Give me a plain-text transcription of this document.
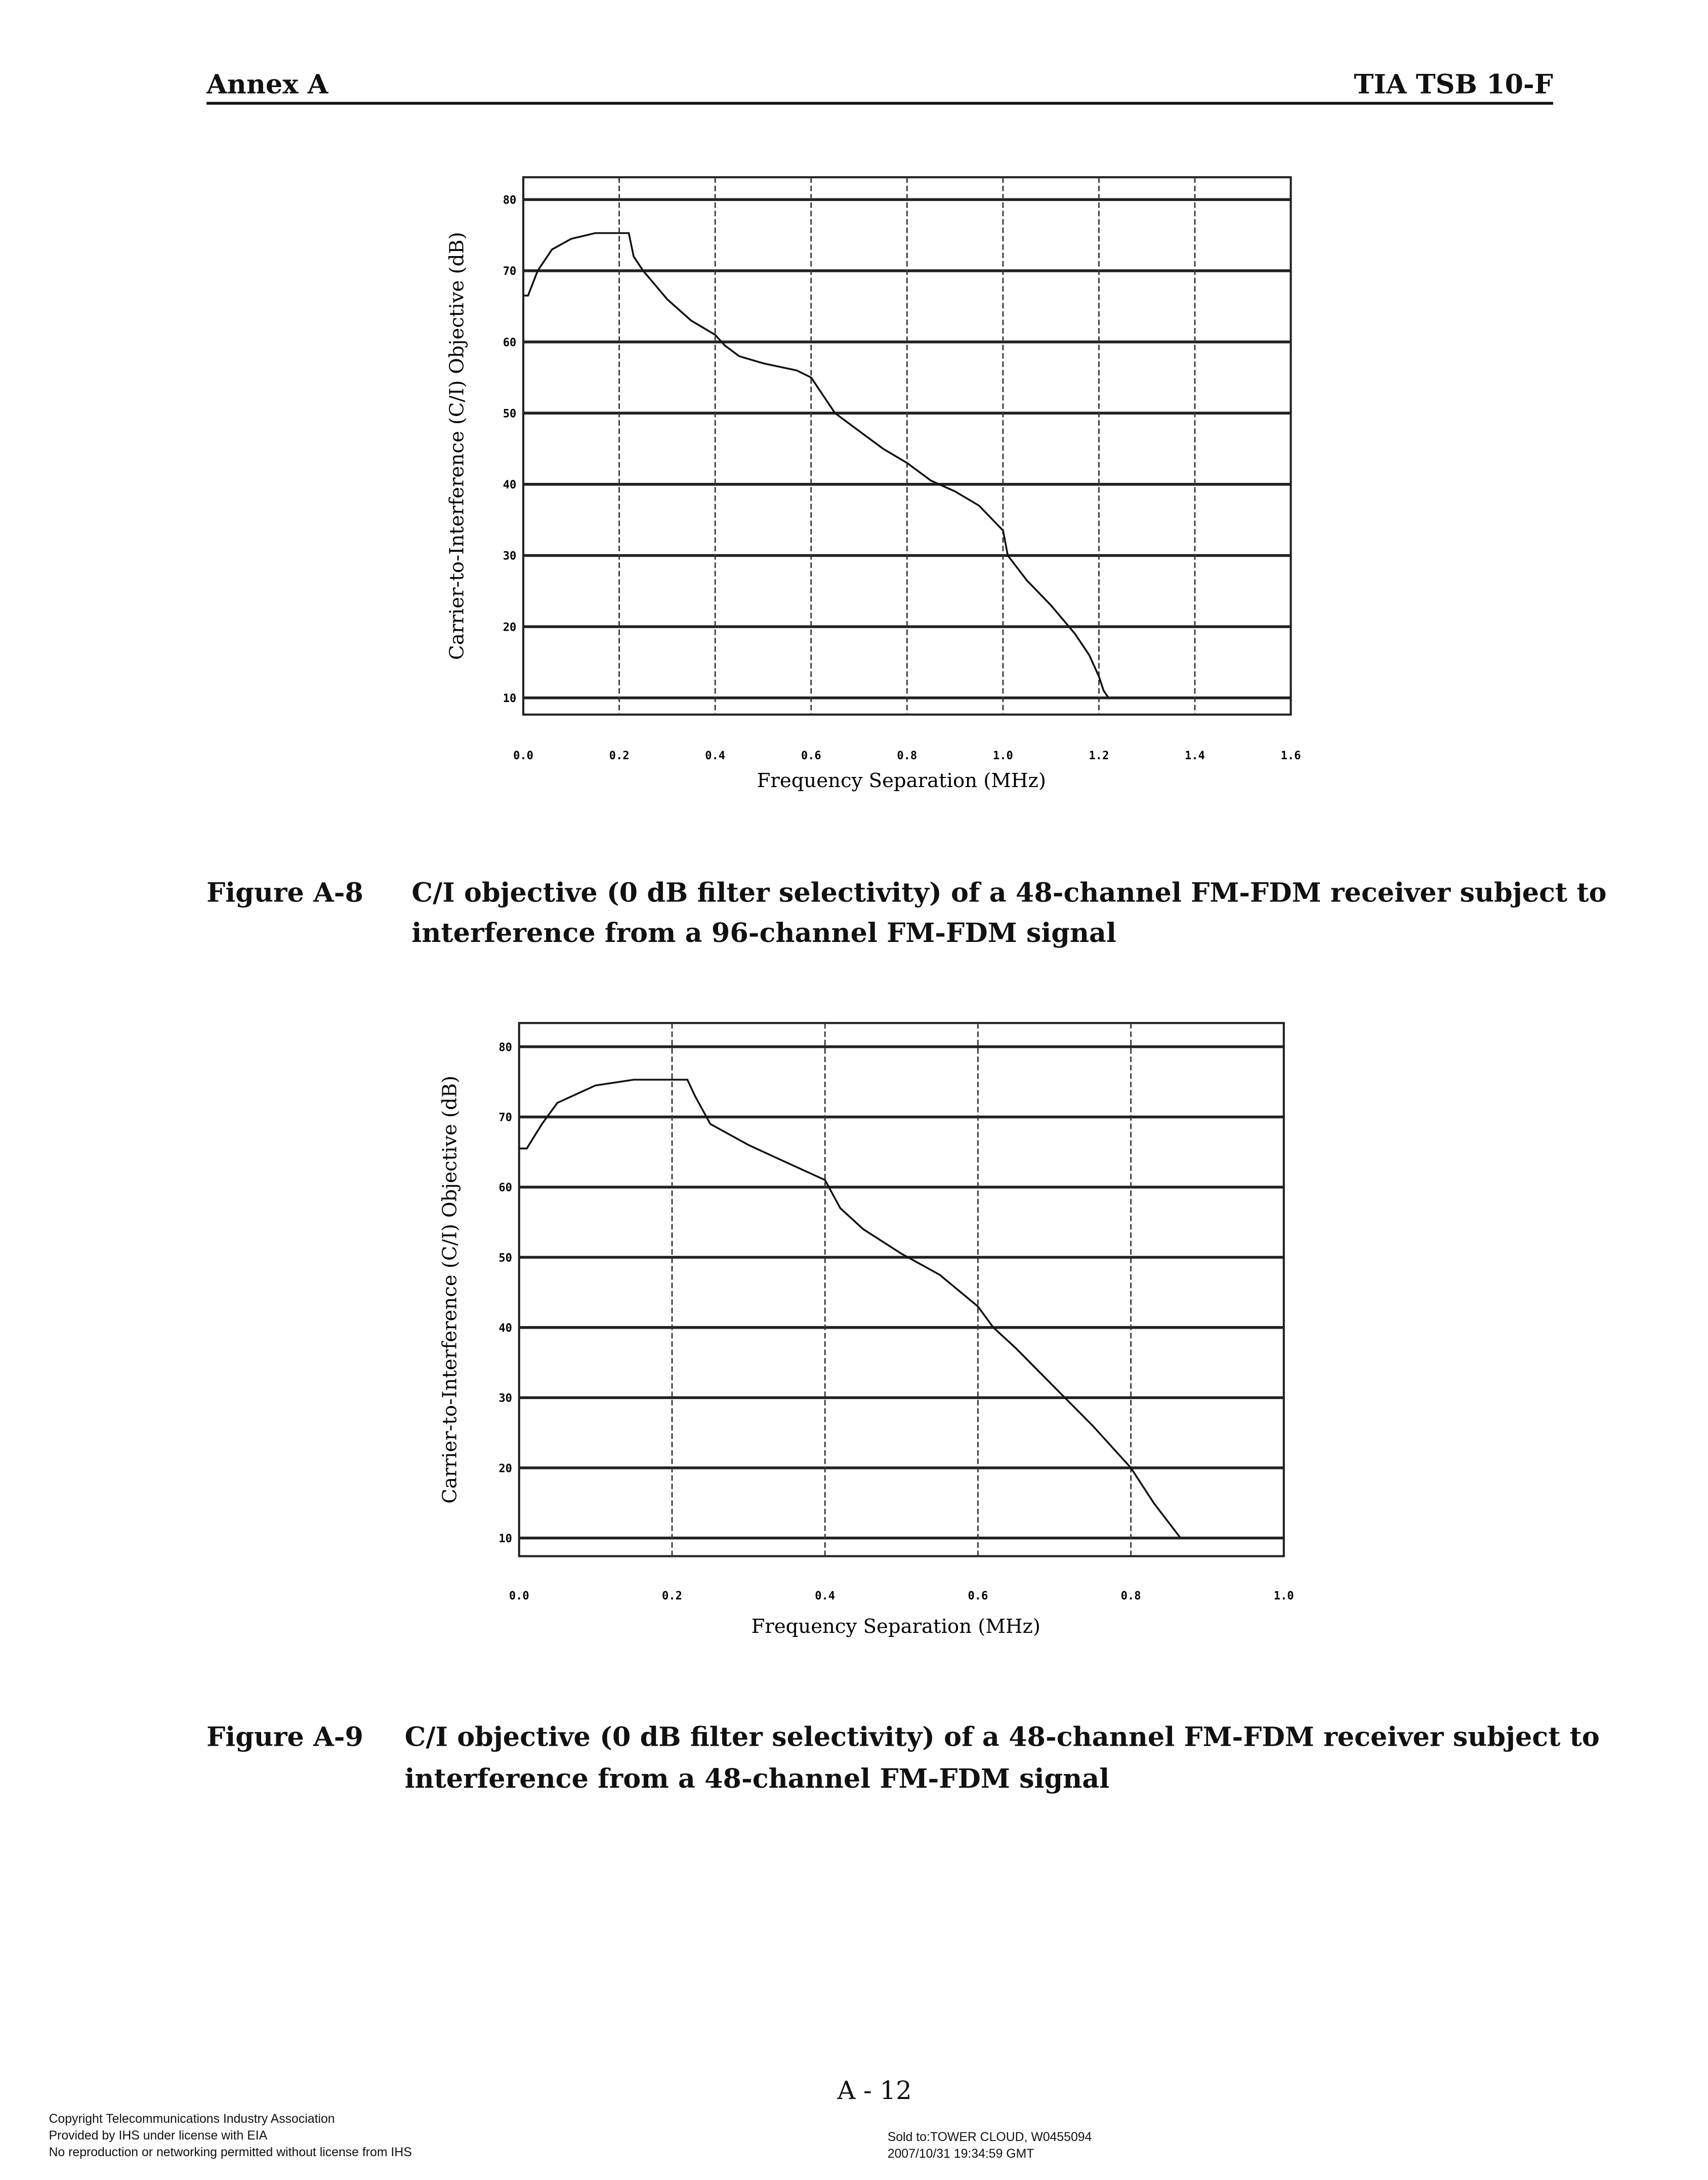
Annex A	TIA TSB 10-F
80
70
60
50
40
30
20
10
0.0	0.2	0.4	0.6	0.8	1.0	1.2	1.4	1.6
Frequency Separation (MHz)
Carrier-to-Interference (C/I) Objective (dB)
80
70
60
50
40
30
20
10
0.0	0.2	0.4	0.6	0.8	1.0
Frequency Separation (MHz)
Carrier-to-Interference (C/I) Objective (dB)
Figure A-8	C/I objective (0 dB filter selectivity) of a 48-channel FM-FDM receiver subject to
interference from a 96-channel FM-FDM signal
Figure A-9	C/I objective (0 dB filter selectivity) of a 48-channel FM-FDM receiver subject to
interference from a 48-channel FM-FDM signal
A - 12
Copyright Telecommunications Industry Association
Provided by IHS under license with EIA
No reproduction or networking permitted without license from IHS
Sold to:TOWER CLOUD, W0455094
2007/10/31 19:34:59 GMT
